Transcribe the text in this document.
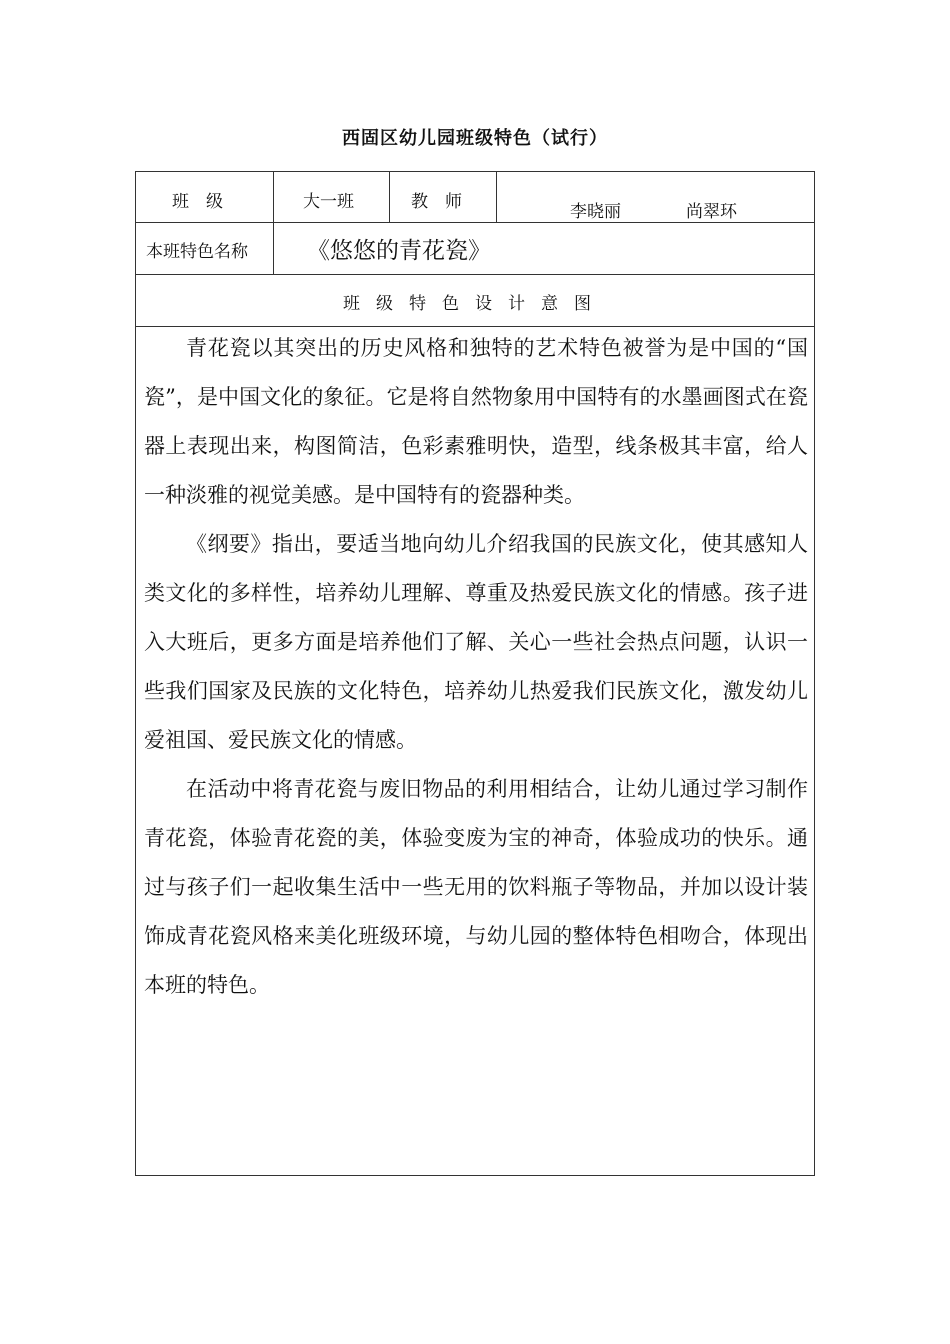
西固区幼儿园班级特色（试行）
班　级	大一班	教　师	李晓丽	尚翠环
本班特色名称	《悠悠的青花瓷》
班级特色设计意图

青花瓷以其突出的历史风格和独特的艺术特色被誉为是中国的“国瓷”，是中国文化的象征。它是将自然物象用中国特有的水墨画图式在瓷器上表现出来，构图简洁，色彩素雅明快，造型，线条极其丰富，给人一种淡雅的视觉美感。是中国特有的瓷器种类。

《纲要》指出，要适当地向幼儿介绍我国的民族文化，使其感知人类文化的多样性，培养幼儿理解、尊重及热爱民族文化的情感。孩子进入大班后，更多方面是培养他们了解、关心一些社会热点问题，认识一些我们国家及民族的文化特色，培养幼儿热爱我们民族文化，激发幼儿爱祖国、爱民族文化的情感。

在活动中将青花瓷与废旧物品的利用相结合，让幼儿通过学习制作青花瓷，体验青花瓷的美，体验变废为宝的神奇，体验成功的快乐。通过与孩子们一起收集生活中一些无用的饮料瓶子等物品，并加以设计装饰成青花瓷风格来美化班级环境，与幼儿园的整体特色相吻合，体现出本班的特色。
